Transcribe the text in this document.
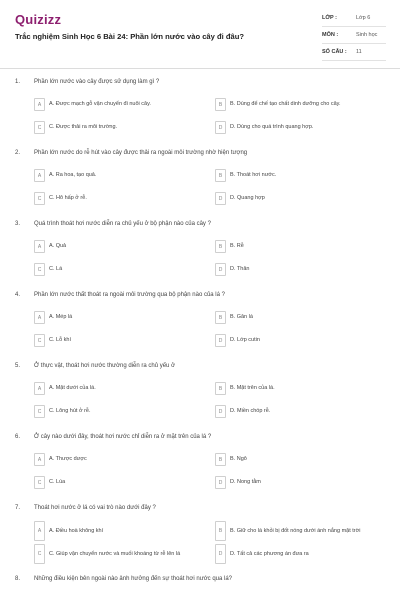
Quizizz
Trắc nghiệm Sinh Học 6 Bài 24: Phần lớn nước vào cây đi đâu?
LỚP :	Lớp 6
MÔN :	Sinh học
SỐ CÂU :	11
1. Phần lớn nước vào cây được sử dụng làm gì ?
A	A. Được mạch gỗ vận chuyển đi nuôi cây.	B	B. Dùng để chế tạo chất dinh dưỡng cho cây.
C	C. Được thải ra môi trường.	D	D. Dùng cho quá trình quang hợp.
2. Phần lớn nước do rễ hút vào cây được thải ra ngoài môi trường nhờ hiện tượng
A	A. Ra hoa, tạo quả.	B	B. Thoát hơi nước.
C	C. Hô hấp ở rễ.	D	D. Quang hợp
3. Quá trình thoát hơi nước diễn ra chủ yếu ở bộ phận nào của cây ?
A	A. Quả	B	B. Rễ
C	C. Lá	D	D. Thân
4. Phần lớn nước thất thoát ra ngoài môi trường qua bộ phận nào của lá ?
A	A. Mép lá	B	B. Gân lá
C	C. Lỗ khí	D	D. Lớp cutin
5. Ở thực vật, thoát hơi nước thường diễn ra chủ yếu ở
A	A. Mặt dưới của lá.	B	B. Mặt trên của lá.
C	C. Lông hút ở rễ.	D	D. Miền chóp rễ.
6. Ở cây nào dưới đây, thoát hơi nước chỉ diễn ra ở mặt trên của lá ?
A	A. Thược dược	B	B. Ngô
C	C. Lúa	D	D. Nong tằm
7. Thoát hơi nước ở lá có vai trò nào dưới đây ?
A	A. Điều hoà không khí	B	B. Giữ cho lá khỏi bị đốt nóng dưới ánh nắng mặt trời
C	C. Giúp vận chuyển nước và muối khoáng từ rễ lên lá	D	D. Tất cả các phương án đưa ra
8. Những điều kiện bên ngoài nào ảnh hưởng đến sự thoát hơi nước qua lá?
